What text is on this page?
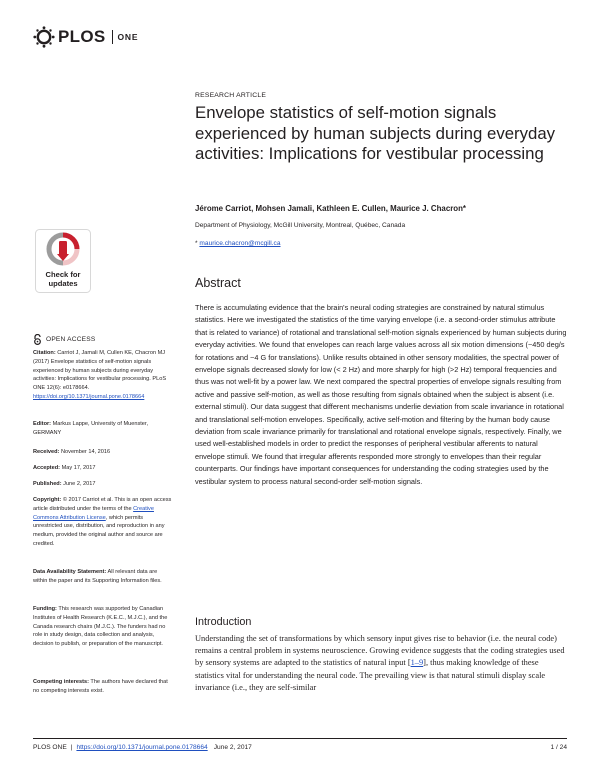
PLOS ONE
RESEARCH ARTICLE
Envelope statistics of self-motion signals experienced by human subjects during everyday activities: Implications for vestibular processing
Jérome Carriot, Mohsen Jamali, Kathleen E. Cullen, Maurice J. Chacron*
Department of Physiology, McGill University, Montreal, Québec, Canada
* maurice.chacron@mcgill.ca
Abstract
There is accumulating evidence that the brain's neural coding strategies are constrained by natural stimulus statistics. Here we investigated the statistics of the time varying envelope (i.e. a second-order stimulus attribute that is related to variance) of rotational and translational self-motion signals experienced by human subjects during everyday activities. We found that envelopes can reach large values across all six motion dimensions (~450 deg/s for rotations and ~4 G for translations). Unlike results obtained in other sensory modalities, the spectral power of envelope signals decreased slowly for low (< 2 Hz) and more sharply for high (>2 Hz) temporal frequencies and thus was not well-fit by a power law. We next compared the spectral properties of envelope signals resulting from active and passive self-motion, as well as those resulting from signals obtained when the subject is absent (i.e. external stimuli). Our data suggest that different mechanisms underlie deviation from scale invariance in rotational and translational self-motion envelopes. Specifically, active self-motion and filtering by the human body cause deviation from scale invariance primarily for translational and rotational envelope signals, respectively. Finally, we used well-established models in order to predict the responses of peripheral vestibular afferents to natural envelope stimuli. We found that irregular afferents responded more strongly to envelopes than their regular counterparts. Our findings have important consequences for understanding the coding strategies used by the vestibular system to process natural second-order self-motion signals.
Introduction
Understanding the set of transformations by which sensory input gives rise to behavior (i.e. the neural code) remains a central problem in systems neuroscience. Growing evidence suggests that the coding strategies used by sensory systems are adapted to the statistics of natural input [1–9], thus making knowledge of these statistics vital for understanding the neural code. The prevailing view is that natural stimuli display scale invariance (i.e., they are self-similar
Check for
updates
OPEN ACCESS
Citation: Carriot J, Jamali M, Cullen KE, Chacron MJ (2017) Envelope statistics of self-motion signals experienced by human subjects during everyday activities: Implications for vestibular processing. PLoS ONE 12(6): e0178664. https://doi.org/10.1371/journal.pone.0178664
Editor: Markus Lappe, University of Muenster, GERMANY
Received: November 14, 2016
Accepted: May 17, 2017
Published: June 2, 2017
Copyright: © 2017 Carriot et al. This is an open access article distributed under the terms of the Creative Commons Attribution License, which permits unrestricted use, distribution, and reproduction in any medium, provided the original author and source are credited.
Data Availability Statement: All relevant data are within the paper and its Supporting Information files.
Funding: This research was supported by Canadian Institutes of Health Research (K.E.C., M.J.C.), and the Canada research chairs (M.J.C.). The funders had no role in study design, data collection and analysis, decision to publish, or preparation of the manuscript.
Competing interests: The authors have declared that no competing interests exist.
PLOS ONE | https://doi.org/10.1371/journal.pone.0178664 June 2, 2017	1 / 24
